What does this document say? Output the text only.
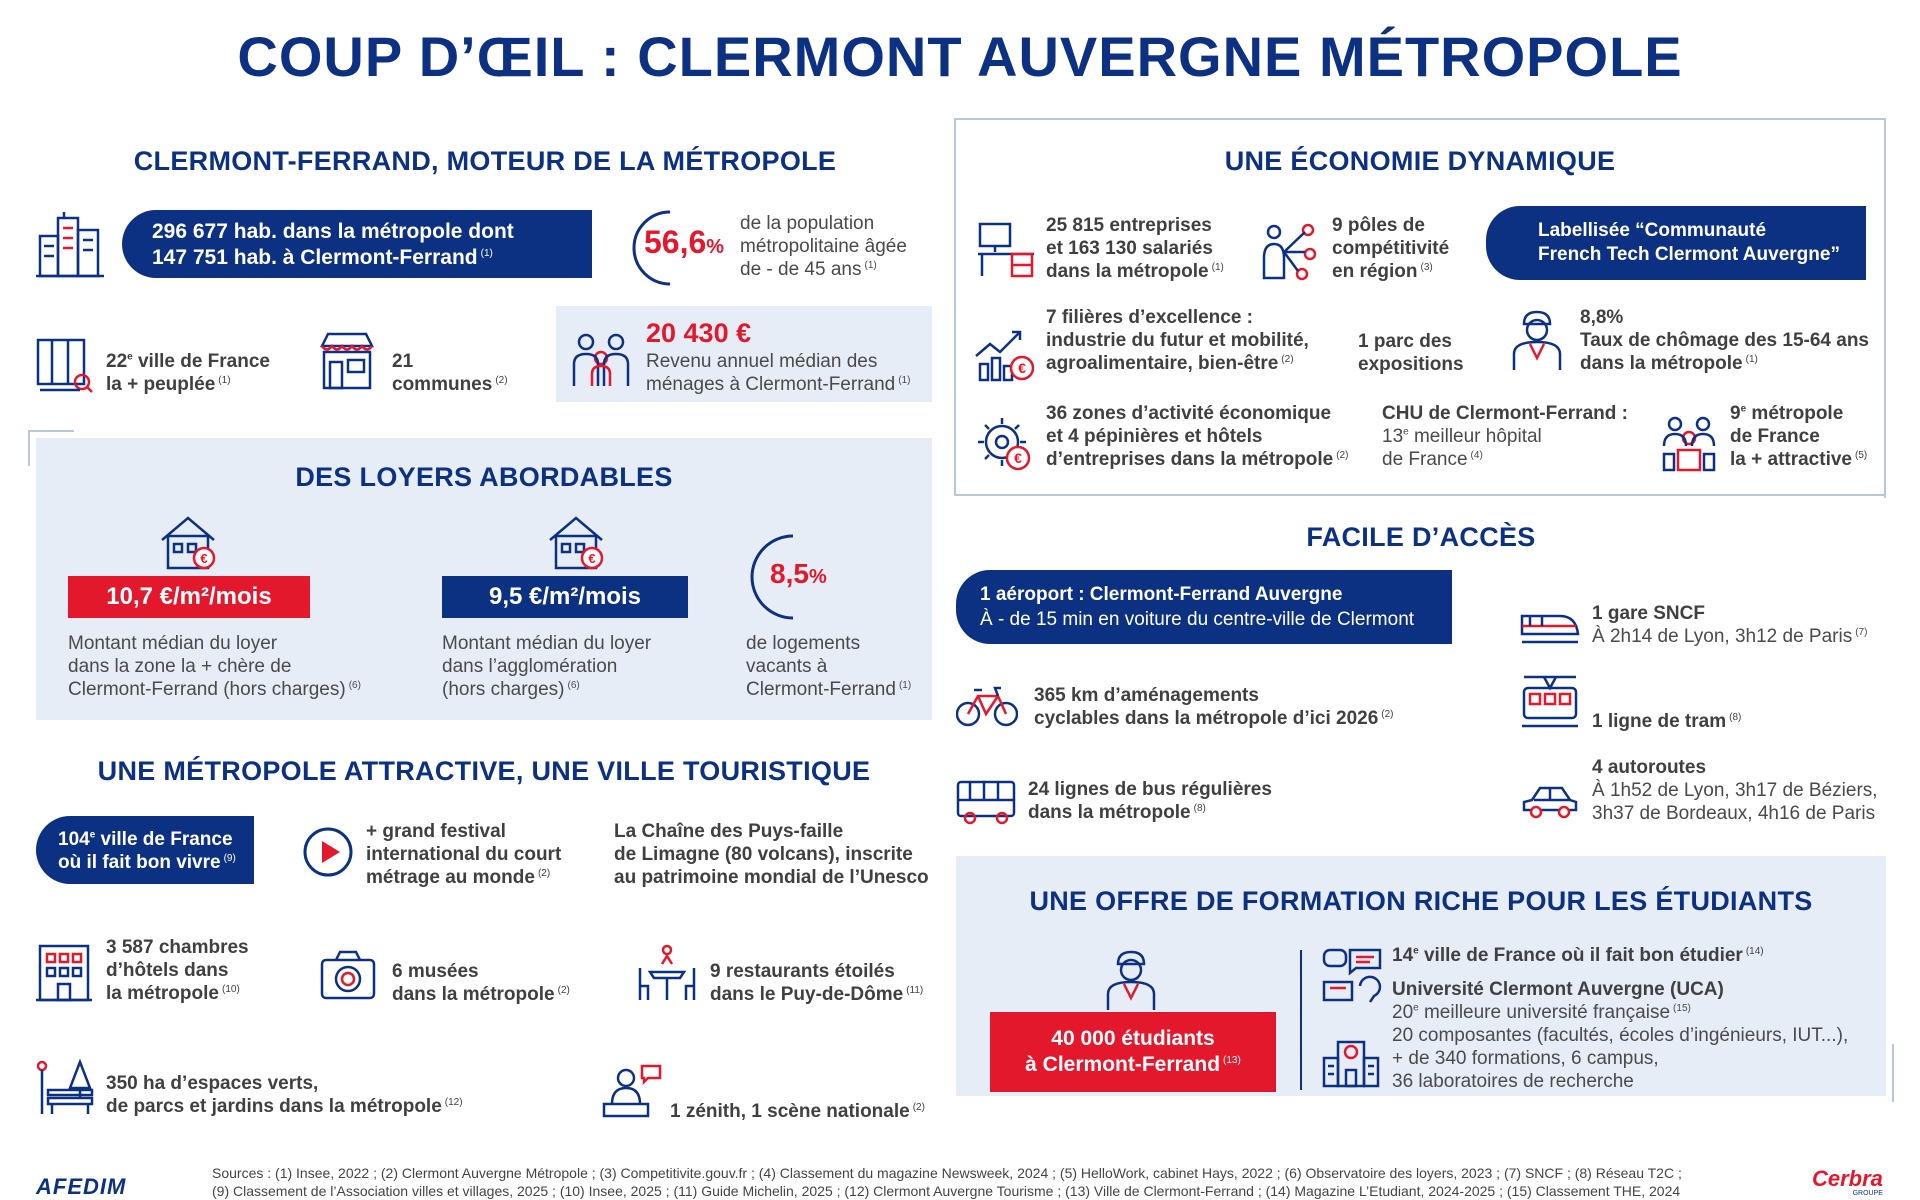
COUP D’ŒIL : CLERMONT AUVERGNE MÉTROPOLE
CLERMONT-FERRAND, MOTEUR DE LA MÉTROPOLE
296 677 hab. dans la métropole dont
147 751 hab. à Clermont-Ferrand $^{(1)}$	56,6%
de la population
métropolitaine âgée
de - de 45 ans $^{(1)}$
22e ville de France
la + peuplée $^{(1)}$
21
communes $^{(2)}$
20 430 €
Revenu annuel médian des
ménages à Clermont-Ferrand $^{(1)}$
DES LOYERS ABORDABLES
€
10,7 €/m²/mois
Montant médian du loyer
dans la zone la + chère de
Clermont-Ferrand (hors charges) $^{(6)}$
€
9,5 €/m²/mois
Montant médian du loyer
dans l’agglomération
(hors charges) $^{(6)}$
8,5%
de logements
vacants à
Clermont-Ferrand $^{(1)}$
UNE MÉTROPOLE ATTRACTIVE, UNE VILLE TOURISTIQUE
104e ville de France
où il fait bon vivre $^{(9)}$
+ grand festival
international du court
métrage au monde $^{(2)}$
La Chaîne des Puys-faille
de Limagne (80 volcans), inscrite
au patrimoine mondial de l’Unesco
3 587 chambres
d’hôtels dans
la métropole $^{(10)}$
6 musées
dans la métropole $^{(2)}$
9 restaurants étoilés
dans le Puy-de-Dôme $^{(11)}$
350 ha d’espaces verts,
de parcs et jardins dans la métropole $^{(12)}$	1 zénith, 1 scène nationale $^{(2)}$
UNE ÉCONOMIE DYNAMIQUE
25 815 entreprises
et 163 130 salariés
dans la métropole $^{(1)}$
9 pôles de
compétitivité
en région $^{(3)}$
Labellisée “Communauté
French Tech Clermont Auvergne”
€
7 filières d’excellence :
industrie du futur et mobilité,
agroalimentaire, bien-être $^{(2)}$
1 parc des
expositions
8,8%
Taux de chômage des 15-64 ans
dans la métropole $^{(1)}$
€
36 zones d’activité économique
et 4 pépinières et hôtels
d’entreprises dans la métropole $^{(2)}$
CHU de Clermont-Ferrand :
13e meilleur hôpital
de France $^{(4)}$
9e métropole
de France
la + attractive $^{(5)}$
FACILE D’ACCÈS
1 aéroport : Clermont-Ferrand Auvergne
À - de 15 min en voiture du centre-ville de Clermont	1 gare SNCF
À 2h14 de Lyon, 3h12 de Paris $^{(7)}$
365 km d’aménagements
cyclables dans la métropole d’ici 2026 $^{(2)}$	1 ligne de tram $^{(8)}$
24 lignes de bus régulières
dans la métropole $^{(8)}$
4 autoroutes
À 1h52 de Lyon, 3h17 de Béziers,
3h37 de Bordeaux, 4h16 de Paris
UNE OFFRE DE FORMATION RICHE POUR LES ÉTUDIANTS
40 000 étudiants
à Clermont-Ferrand $^{(13)}$
14e ville de France où il fait bon étudier $^{(14)}$
Université Clermont Auvergne (UCA)
20e meilleure université française $^{(15)}$
20 composantes (facultés, écoles d’ingénieurs, IUT...),
+ de 340 formations, 6 campus,
36 laboratoires de recherche
AFEDIM
Sources : (1) Insee, 2022 ; (2) Clermont Auvergne Métropole ; (3) Competitivite.gouv.fr ; (4) Classement du magazine Newsweek, 2024 ; (5) HelloWork, cabinet Hays, 2022 ; (6) Observatoire des loyers, 2023 ; (7) SNCF ; (8) Réseau T2C ;
(9) Classement de l’Association villes et villages, 2025 ; (10) Insee, 2025 ; (11) Guide Michelin, 2025 ; (12) Clermont Auvergne Tourisme ; (13) Ville de Clermont-Ferrand ; (14) Magazine L’Etudiant, 2024-2025 ; (15) Classement THE, 2024	Cerbra
GROUPE
